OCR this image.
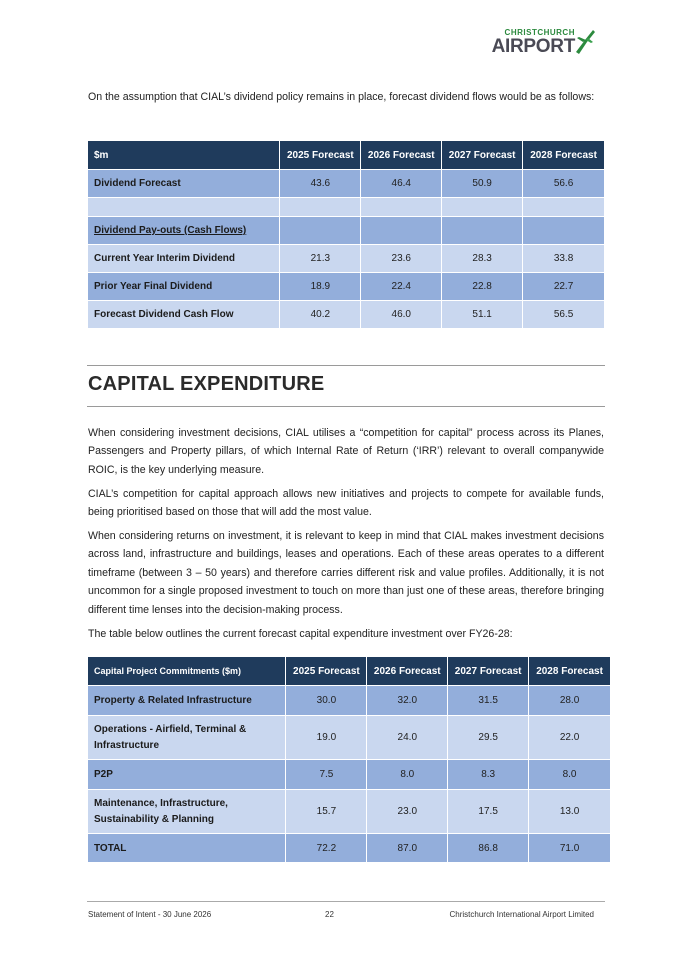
CHRISTCHURCH
AIRPORT

On the assumption that CIAL’s dividend policy remains in place, forecast dividend flows would be as follows:

$m	2025 Forecast	2026 Forecast	2027 Forecast	2028 Forecast
Dividend Forecast	43.6	46.4	50.9	56.6

Dividend Pay-outs (Cash Flows)				
Current Year Interim Dividend	21.3	23.6	28.3	33.8
Prior Year Final Dividend	18.9	22.4	22.8	22.7
Forecast Dividend Cash Flow	40.2	46.0	51.1	56.5
CAPITAL EXPENDITURE

When considering investment decisions, CIAL utilises a “competition for capital” process across its Planes, Passengers and Property pillars, of which Internal Rate of Return (‘IRR’) relevant to overall companywide ROIC, is the key underlying measure.

CIAL’s competition for capital approach allows new initiatives and projects to compete for available funds, being prioritised based on those that will add the most value.

When considering returns on investment, it is relevant to keep in mind that CIAL makes investment decisions across land, infrastructure and buildings, leases and operations. Each of these areas operates to a different timeframe (between 3 – 50 years) and therefore carries different risk and value profiles. Additionally, it is not uncommon for a single proposed investment to touch on more than just one of these areas, therefore bringing different time lenses into the decision-making process.

The table below outlines the current forecast capital expenditure investment over FY26-28:

Capital Project Commitments ($m)	2025 Forecast	2026 Forecast	2027 Forecast	2028 Forecast
Property & Related Infrastructure	30.0	32.0	31.5	28.0
Operations - Airfield, Terminal & Infrastructure	19.0	24.0	29.5	22.0
P2P	7.5	8.0	8.3	8.0
Maintenance, Infrastructure, Sustainability & Planning	15.7	23.0	17.5	13.0
TOTAL	72.2	87.0	86.8	71.0
Statement of Intent - 30 June 2026	22	Christchurch International Airport Limited
